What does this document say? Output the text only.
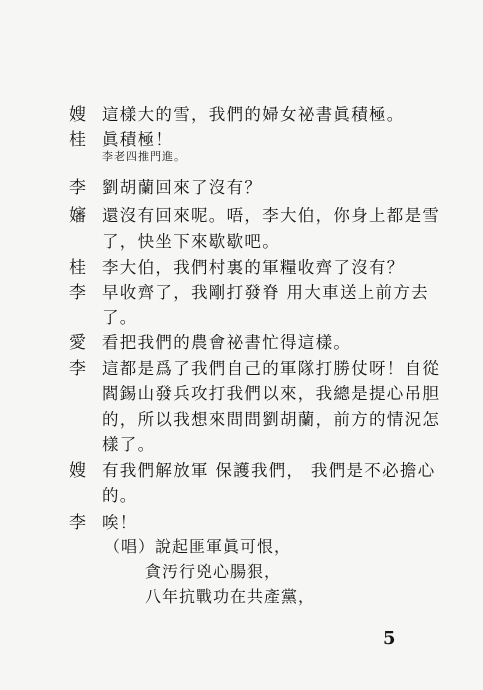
嫂 這樣大的雪，我們的婦女祕書眞積極。
桂 眞積極！
李老四推門進。
李 劉胡蘭回來了沒有？
嬸 還沒有回來呢。唔，李大伯，你身上都是雪
了，快坐下來歇歇吧。
桂 李大伯，我們村裏的軍糧收齊了沒有？
李 早收齊了，我剛打發脊 用大車送上前方去
了。
愛 看把我們的農會祕書忙得這樣。
李 這都是爲了我們自己的軍隊打勝仗呀！自從
閻錫山發兵攻打我們以來，我總是提心吊胆
的，所以我想來問問劉胡蘭，前方的情況怎
樣了。
嫂 有我們解放軍 保護我們， 我們是不必擔心
的。
李 唉！
（唱）說起匪軍眞可恨，
貪汚行兇心腸狠，
八年抗戰功在共產黨，
5
